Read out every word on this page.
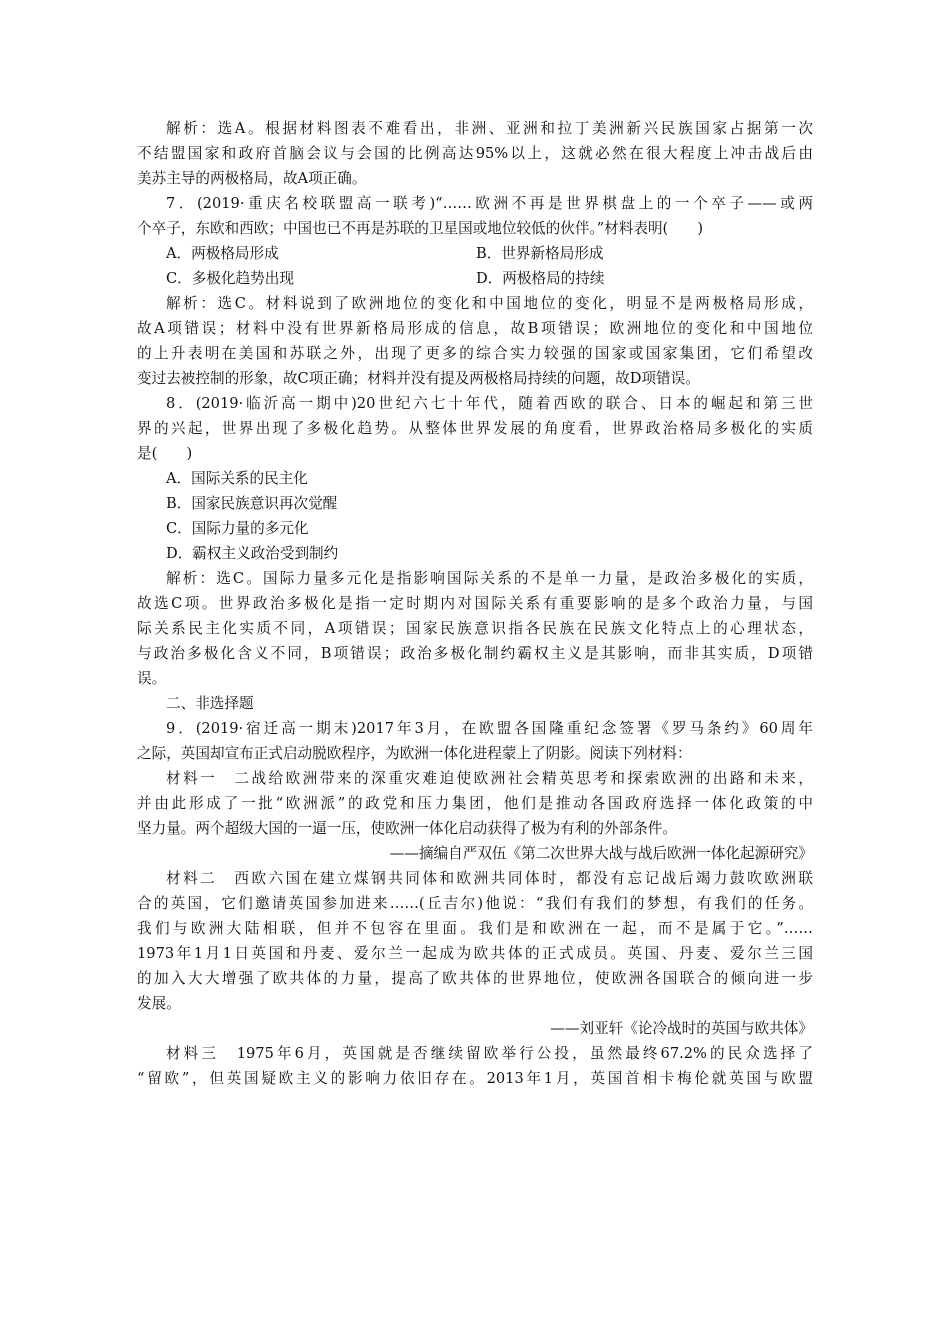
解析：选A。根据材料图表不难看出，非洲、亚洲和拉丁美洲新兴民族国家占据第一次
不结盟国家和政府首脑会议与会国的比例高达95%以上，这就必然在很大程度上冲击战后由
美苏主导的两极格局，故A项正确。
7．(2019·重庆名校联盟高一联考)“……欧洲不再是世界棋盘上的一个卒子——或两
个卒子，东欧和西欧；中国也已不再是苏联的卫星国或地位较低的伙伴。”材料表明(　　)
A．两极格局形成	B．世界新格局形成
C．多极化趋势出现	D．两极格局的持续
解析：选C。材料说到了欧洲地位的变化和中国地位的变化，明显不是两极格局形成，
故A项错误；材料中没有世界新格局形成的信息，故B项错误；欧洲地位的变化和中国地位
的上升表明在美国和苏联之外，出现了更多的综合实力较强的国家或国家集团，它们希望改
变过去被控制的形象，故C项正确；材料并没有提及两极格局持续的问题，故D项错误。
8．(2019·临沂高一期中)20世纪六七十年代，随着西欧的联合、日本的崛起和第三世
界的兴起，世界出现了多极化趋势。从整体世界发展的角度看，世界政治格局多极化的实质
是(　　)
A．国际关系的民主化
B．国家民族意识再次觉醒
C．国际力量的多元化
D．霸权主义政治受到制约
解析：选C。国际力量多元化是指影响国际关系的不是单一力量，是政治多极化的实质，
故选C项。世界政治多极化是指一定时期内对国际关系有重要影响的是多个政治力量，与国
际关系民主化实质不同，A项错误；国家民族意识指各民族在民族文化特点上的心理状态，
与政治多极化含义不同，B项错误；政治多极化制约霸权主义是其影响，而非其实质，D项错
误。
二、非选择题
9．(2019·宿迁高一期末)2017年3月，在欧盟各国隆重纪念签署《罗马条约》60周年
之际，英国却宣布正式启动脱欧程序，为欧洲一体化进程蒙上了阴影。阅读下列材料：
材料一　二战给欧洲带来的深重灾难迫使欧洲社会精英思考和探索欧洲的出路和未来，
并由此形成了一批“欧洲派”的政党和压力集团，他们是推动各国政府选择一体化政策的中
坚力量。两个超级大国的一逼一压，使欧洲一体化启动获得了极为有利的外部条件。
——摘编自严双伍《第二次世界大战与战后欧洲一体化起源研究》
材料二　西欧六国在建立煤钢共同体和欧洲共同体时，都没有忘记战后竭力鼓吹欧洲联
合的英国，它们邀请英国参加进来……(丘吉尔)他说：“我们有我们的梦想，有我们的任务。
我们与欧洲大陆相联，但并不包容在里面。我们是和欧洲在一起，而不是属于它。”……
1973年1月1日英国和丹麦、爱尔兰一起成为欧共体的正式成员。英国、丹麦、爱尔兰三国
的加入大大增强了欧共体的力量，提高了欧共体的世界地位，使欧洲各国联合的倾向进一步
发展。
——刘亚轩《论冷战时的英国与欧共体》
材料三　1975年6月，英国就是否继续留欧举行公投，虽然最终67.2%的民众选择了
“留欧”，但英国疑欧主义的影响力依旧存在。2013年1月，英国首相卡梅伦就英国与欧盟
